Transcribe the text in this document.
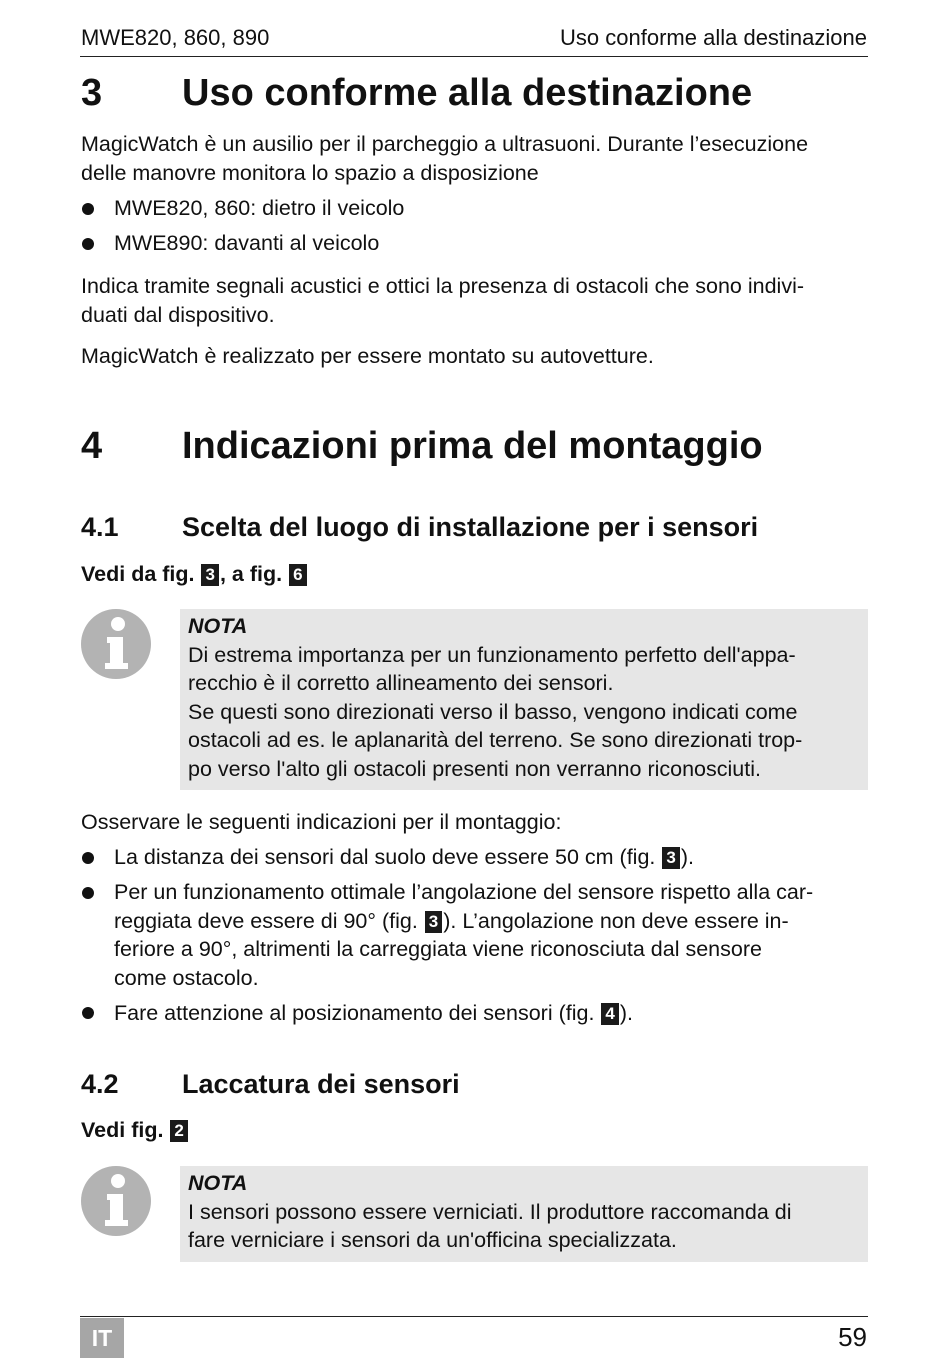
MWE820, 860, 890	Uso conforme alla destinazione
3 Uso conforme alla destinazione

MagicWatch è un ausilio per il parcheggio a ultrasuoni. Durante l’esecuzione

delle manovre monitora lo spazio a disposizione

MWE820, 860: dietro il veicolo
MWE890: davanti al veicolo

Indica tramite segnali acustici e ottici la presenza di ostacoli che sono indivi-

duati dal dispositivo.

MagicWatch è realizzato per essere montato su autovetture.

4 Indicazioni prima del montaggio
4.1 Scelta del luogo di installazione per i sensori
Vedi da fig. 3 , a fig. 6
NOTA
Di estrema importanza per un funzionamento perfetto dell'appa-
recchio è il corretto allineamento dei sensori.
Se questi sono direzionati verso il basso, vengono indicati come
ostacoli ad es. le aplanarità del terreno. Se sono direzionati trop-
po verso l'alto gli ostacoli presenti non verranno riconosciuti.

Osservare le seguenti indicazioni per il montaggio:

La distanza dei sensori dal suolo deve essere 50 cm (fig. 3 ).
Per un funzionamento ottimale l’angolazione del sensore rispetto alla car-
reggiata deve essere di 90° (fig. 3 ). L’angolazione non deve essere in-
feriore a 90°, altrimenti la carreggiata viene riconosciuta dal sensore
come ostacolo.
Fare attenzione al posizionamento dei sensori (fig. 4 ).
4.2 Laccatura dei sensori
Vedi fig. 2
NOTA
I sensori possono essere verniciati. Il produttore raccomanda di
fare verniciare i sensori da un'officina specializzata.
IT	59
